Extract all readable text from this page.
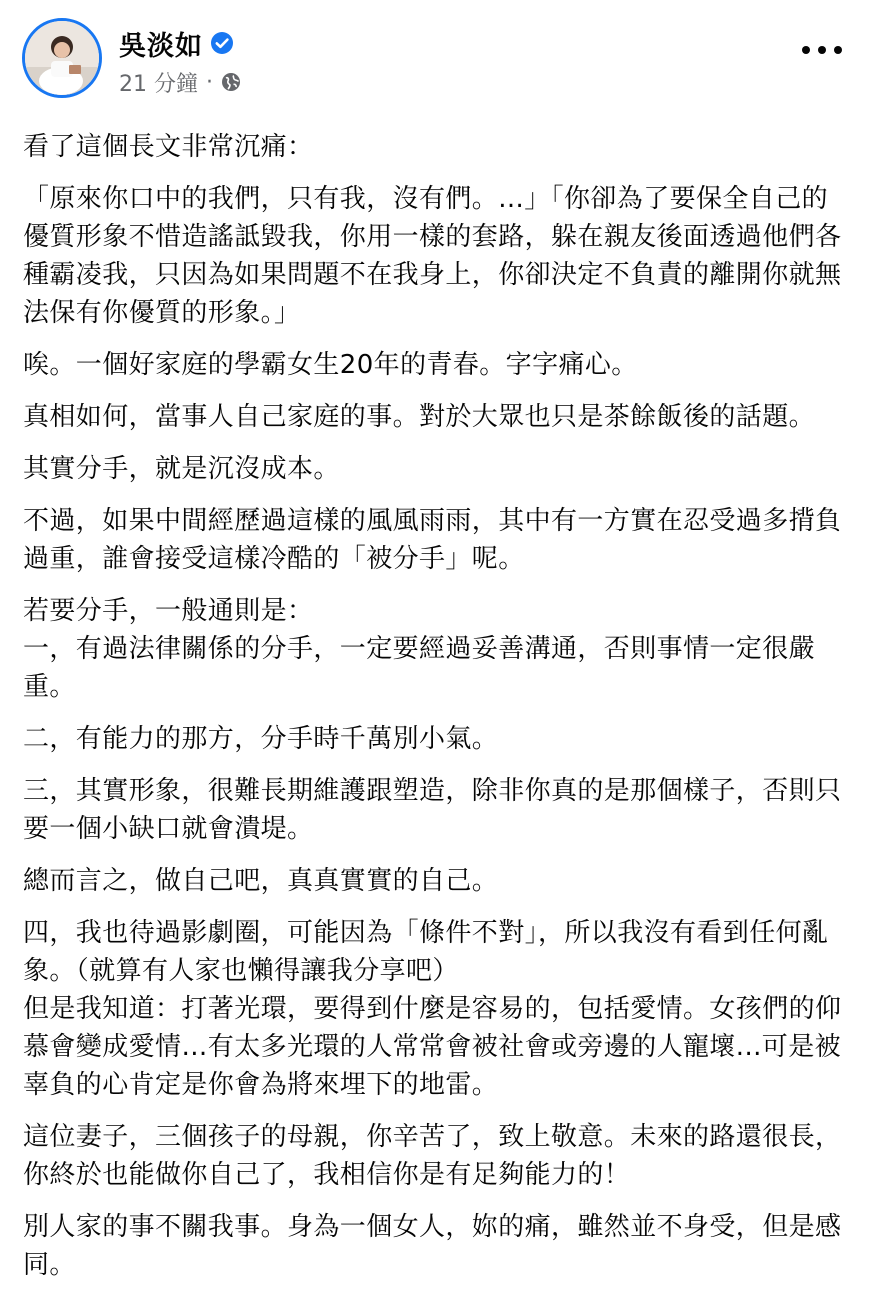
吳淡如
21 分鐘 ·

看了這個長文非常沉痛：

「原來你口中的我們，只有我，沒有們。...」「你卻為了要保全自己的優質形象不惜造謠詆毀我，你用一樣的套路，躲在親友後面透過他們各種霸凌我，只因為如果問題不在我身上，你卻決定不負責的離開你就無法保有你優質的形象。」

唉。一個好家庭的學霸女生20年的青春。字字痛心。

真相如何，當事人自己家庭的事。對於大眾也只是茶餘飯後的話題。

其實分手，就是沉沒成本。

不過，如果中間經歷過這樣的風風雨雨，其中有一方實在忍受過多揹負過重，誰會接受這樣冷酷的「被分手」呢。

若要分手，一般通則是：
一，有過法律關係的分手，一定要經過妥善溝通，否則事情一定很嚴重。

二，有能力的那方，分手時千萬別小氣。

三，其實形象，很難長期維護跟塑造，除非你真的是那個樣子，否則只要一個小缺口就會潰堤。

總而言之，做自己吧，真真實實的自己。

四，我也待過影劇圈，可能因為「條件不對」，所以我沒有看到任何亂象。（就算有人家也懶得讓我分享吧）
但是我知道：打著光環，要得到什麼是容易的，包括愛情。女孩們的仰慕會變成愛情…有太多光環的人常常會被社會或旁邊的人寵壞...可是被辜負的心肯定是你會為將來埋下的地雷。

這位妻子，三個孩子的母親，你辛苦了，致上敬意。未來的路還很長，你終於也能做你自己了，我相信你是有足夠能力的！

別人家的事不關我事。身為一個女人，妳的痛，雖然並不身受，但是感同。
